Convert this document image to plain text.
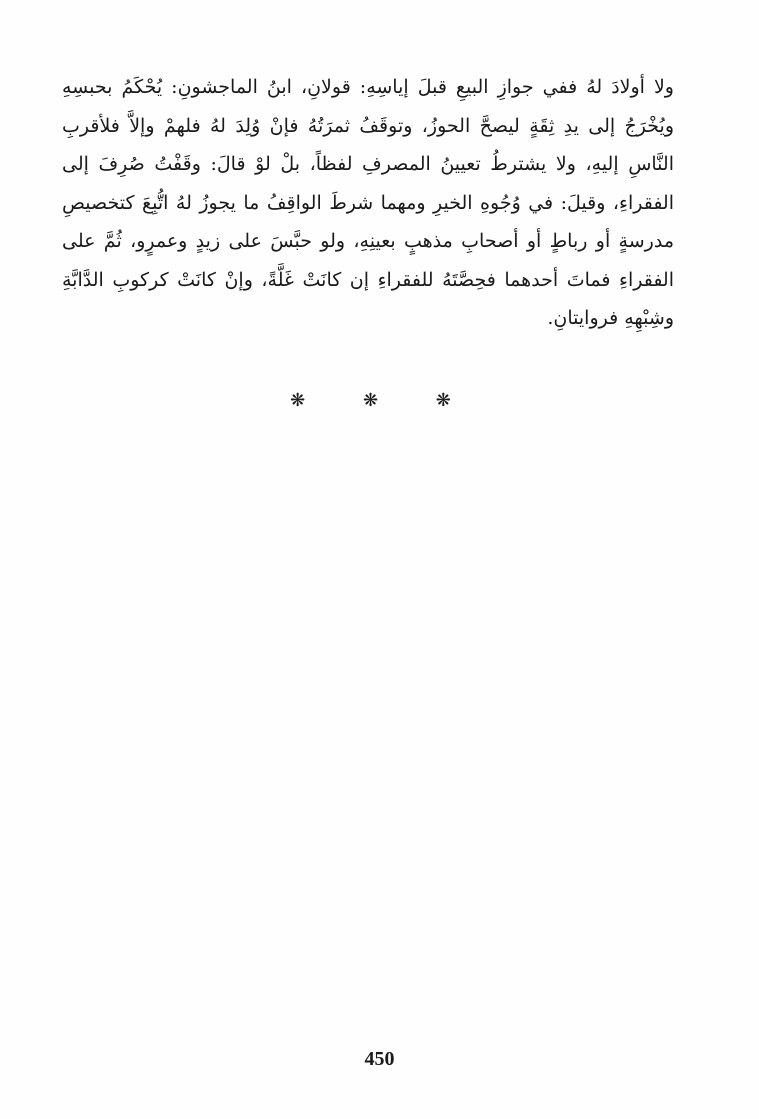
ولا أولادَ لهُ ففي جوازِ البيعِ قبلَ إياسِهِ: قولانِ، ابنُ الماجشونِ: يُحْكَمُ بحبسِهِ
ويُخْرَجُ إلى يدِ ثِقَةٍ ليصحَّ الحوزُ، وتوقَفُ ثمرَتُهُ فإنْ وُلِدَ لهُ فلهمْ وإلاَّ فلأقربِ
النَّاسِ إليهِ، ولا يشترطُ تعيينُ المصرفِ لفظاً، بلْ لوْ قالَ: وقَفْتُ صُرِفَ إلى
الفقراءِ، وقيلَ: في وُجُوهِ الخيرِ ومهما شرطَ الواقِفُ ما يجوزُ لهُ اتُّبِعَ كتخصيصِ
مدرسةٍ أو رباطٍ أو أصحابِ مذهبٍ بعينِهِ، ولو حبَّسَ على زيدٍ وعمرٍو، ثُمَّ على
الفقراءِ فماتَ أحدهما فحِصَّتَهُ للفقراءِ إن كانَتْ غَلَّةً، وإنْ كانَتْ كركوبِ الدَّابَّةِ
وشِبْهِهِ فروايتانِ.
❋ ❋ ❋
450
